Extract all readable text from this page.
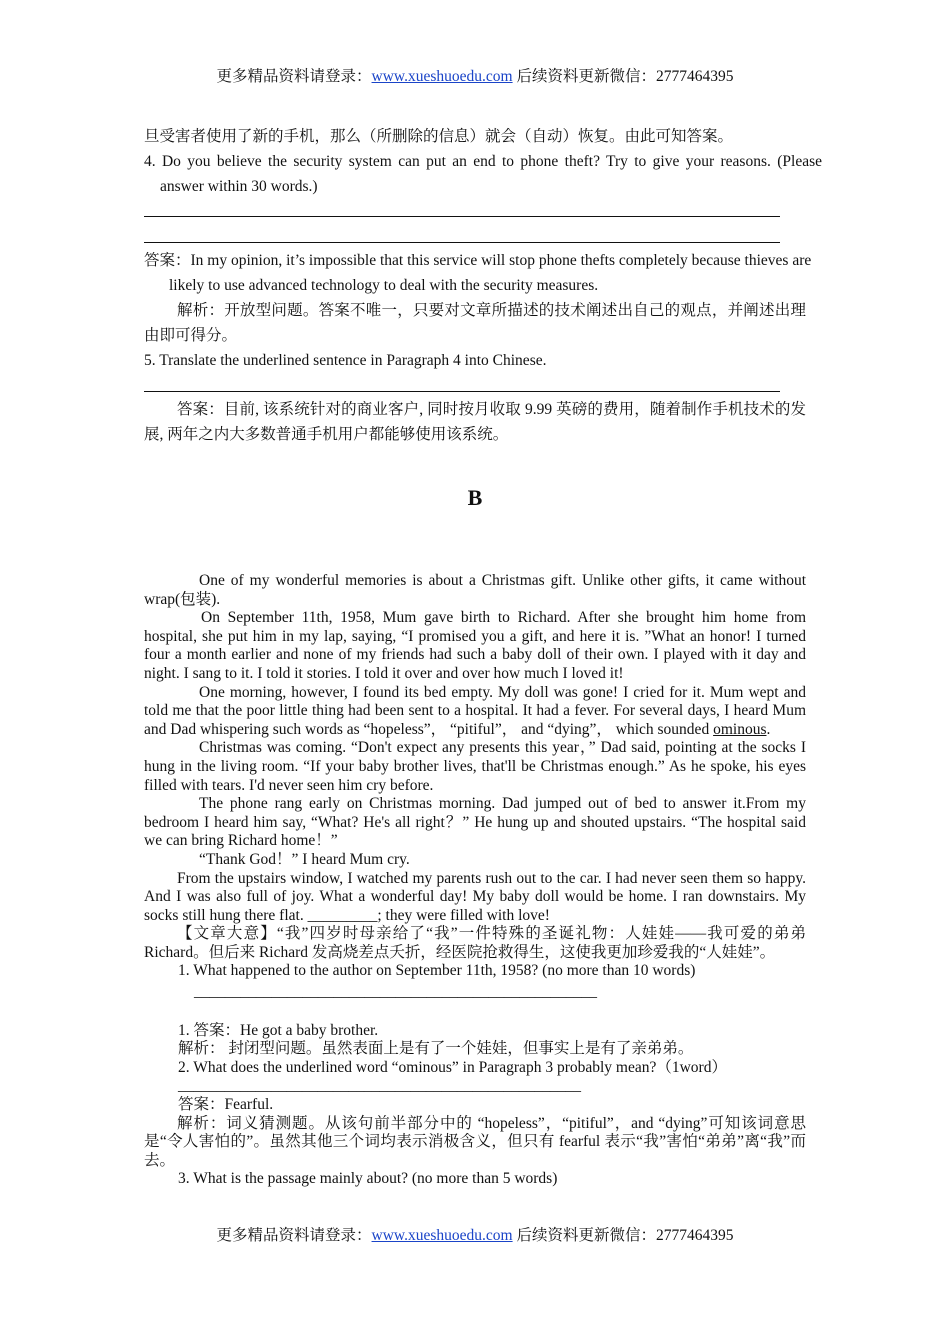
更多精品资料请登录：www.xueshuoedu.com 后续资料更新微信：2777464395
旦受害者使用了新的手机，那么（所删除的信息）就会（自动）恢复。由此可知答案。
4. Do you believe the security system can put an end to phone theft? Try to give your reasons. (Please answer within 30 words.)
答案：In my opinion, it’s impossible that this service will stop phone thefts completely because thieves are likely to use advanced technology to deal with the security measures.
解析：开放型问题。答案不唯一，只要对文章所描述的技术阐述出自己的观点，并阐述出理由即可得分。
5. Translate the underlined sentence in Paragraph 4 into Chinese.
答案：目前, 该系统针对的商业客户, 同时按月收取 9.99 英磅的费用，随着制作手机技术的发展, 两年之内大多数普通手机用户都能够使用该系统。
B

One of my wonderful memories is about a Christmas gift. Unlike other gifts, it came without wrap(包装).

On September 11th, 1958, Mum gave birth to Richard. After she brought him home from hospital, she put him in my lap, saying, “I promised you a gift, and here it is. ”What an honor! I turned four a month earlier and none of my friends had such a baby doll of their own. I played with it day and night. I sang to it. I told it stories. I told it over and over how much I loved it!

One morning, however, I found its bed empty. My doll was gone! I cried for it. Mum wept and told me that the poor little thing had been sent to a hospital. It had a fever. For several days, I heard Mum and Dad whispering such words as “hopeless”， “pitiful”， and “dying”， which sounded ominous.

Christmas was coming. “Don't expect any presents this year，” Dad said, pointing at the socks I hung in the living room. “If your baby brother lives, that'll be Christmas enough.” As he spoke, his eyes filled with tears. I'd never seen him cry before.

The phone rang early on Christmas morning. Dad jumped out of bed to answer it.From my bedroom I heard him say, “What? He's all right？” He hung up and shouted upstairs. “The hospital said we can bring Richard home！”

“Thank God！” I heard Mum cry.

From the upstairs window, I watched my parents rush out to the car. I had never seen them so happy. And I was also full of joy. What a wonderful day! My baby doll would be home. I ran downstairs. My socks still hung there flat. _________; they were filled with love!

【文章大意】“我”四岁时母亲给了“我”一件特殊的圣诞礼物：人娃娃——我可爱的弟弟 Richard。但后来 Richard 发高烧差点夭折，经医院抢救得生，这使我更加珍爱我的“人娃娃”。

1. What happened to the author on September 11th, 1958? (no more than 10 words)

____________________________________________________

1. 答案：He got a baby brother.

解析： 封闭型问题。虽然表面上是有了一个娃娃，但事实上是有了亲弟弟。

2. What does the underlined word “ominous” in Paragraph 3 probably mean?（1word）

____________________________________________________

答案：Fearful.

解析：词义猜测题。从该句前半部分中的 “hopeless”，“pitiful”，and “dying”可知该词意思是“令人害怕的”。虽然其他三个词均表示消极含义，但只有 fearful 表示“我”害怕“弟弟”离“我”而去。

3. What is the passage mainly about? (no more than 5 words)

更多精品资料请登录：www.xueshuoedu.com 后续资料更新微信：2777464395
